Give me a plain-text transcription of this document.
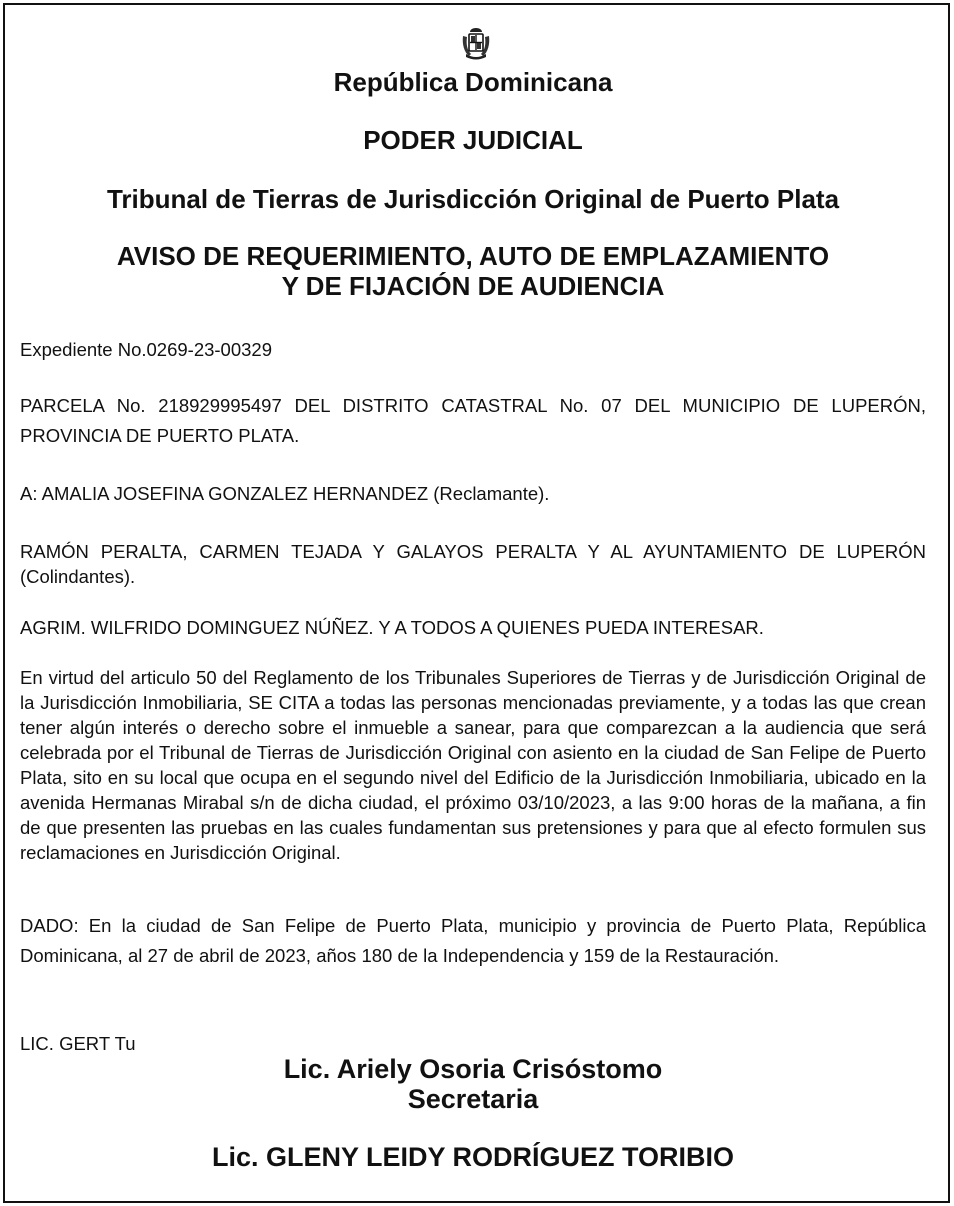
República Dominicana
PODER JUDICIAL
Tribunal de Tierras de Jurisdicción Original de Puerto Plata
AVISO DE REQUERIMIENTO, AUTO DE EMPLAZAMIENTO
Y DE FIJACIÓN DE AUDIENCIA
Expediente No.0269-23-00329
PARCELA No. 218929995497 DEL DISTRITO CATASTRAL No. 07 DEL MUNICIPIO DE LUPERÓN, PROVINCIA DE PUERTO PLATA.
A: AMALIA JOSEFINA GONZALEZ HERNANDEZ (Reclamante).
RAMÓN PERALTA, CARMEN TEJADA Y GALAYOS PERALTA Y AL AYUNTAMIENTO DE LUPERÓN (Colindantes).
AGRIM. WILFRIDO DOMINGUEZ NÚÑEZ. Y A TODOS A QUIENES PUEDA INTERESAR.
En virtud del articulo 50 del Reglamento de los Tribunales Superiores de Tierras y de Jurisdicción Original de la Jurisdicción Inmobiliaria, SE CITA a todas las personas mencionadas previamente, y a todas las que crean tener algún interés o derecho sobre el inmueble a sanear, para que comparezcan a la audiencia que será celebrada por el Tribunal de Tierras de Jurisdicción Original con asiento en la ciudad de San Felipe de Puerto Plata, sito en su local que ocupa en el segundo nivel del Edificio de la Jurisdicción Inmobiliaria, ubicado en la avenida Hermanas Mirabal s/n de dicha ciudad, el próximo 03/10/2023, a las 9:00 horas de la mañana, a fin de que presenten las pruebas en las cuales fundamentan sus pretensiones y para que al efecto formulen sus reclamaciones en Jurisdicción Original.
DADO: En la ciudad de San Felipe de Puerto Plata, municipio y provincia de Puerto Plata, República Dominicana, al 27 de abril de 2023, años 180 de la Independencia y 159 de la Restauración.
LIC. GERT Tu
Lic. Ariely Osoria Crisóstomo
Secretaria
Lic. GLENY LEIDY RODRÍGUEZ TORIBIO
